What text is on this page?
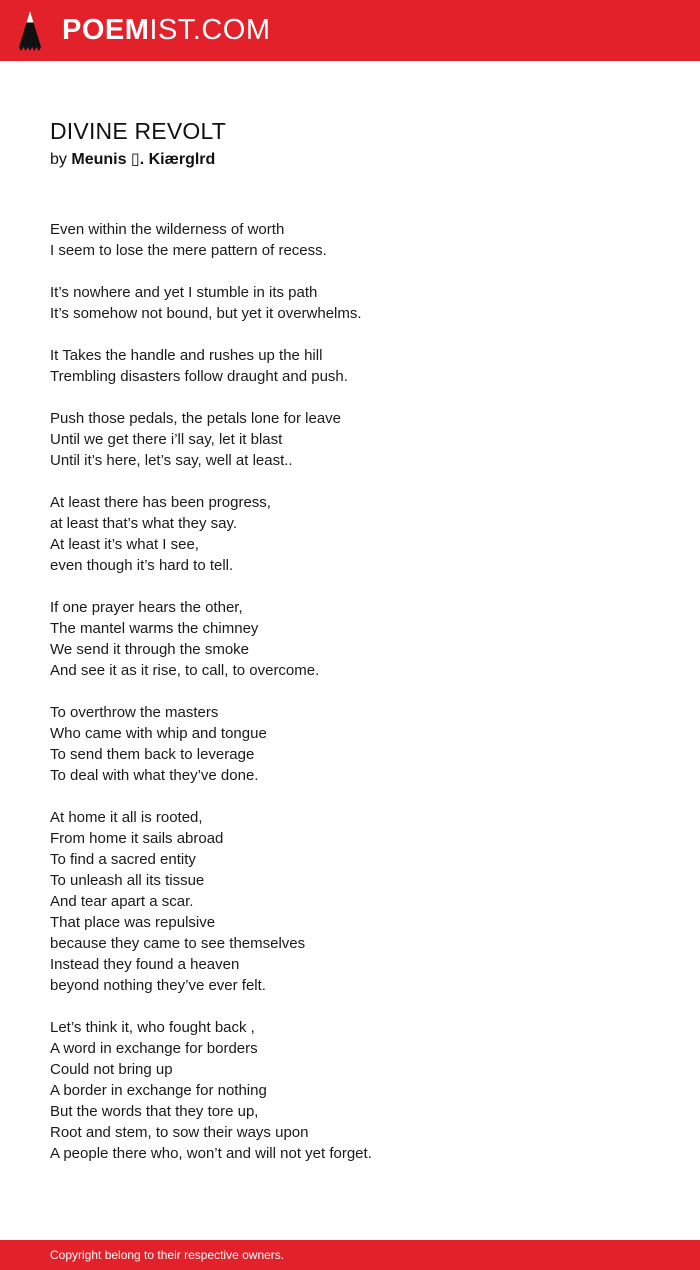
POEMIST.COM
DIVINE REVOLT
by Meunis ▯. Kiærglrd
Even within the wilderness of worth
I seem to lose the mere pattern of recess.
It’s nowhere and yet I stumble in its path
It’s somehow not bound, but yet it overwhelms.
It Takes the handle and rushes up the hill
Trembling disasters follow draught and push.
Push those pedals, the petals lone for leave
Until we get there i’ll say, let it blast
Until it’s here, let’s say, well at least..
At least there has been progress,
at least that’s what they say.
At least it’s what I see,
even though it’s hard to tell.
If one prayer hears the other,
The mantel warms the chimney
We send it through the smoke
And see it as it rise, to call, to overcome.
To overthrow the masters
Who came with whip and tongue
To send them back to leverage
To deal with what they’ve done.
At home it all is rooted,
From home it sails abroad
To find a sacred entity
To unleash all its tissue
And tear apart a scar.
That place was repulsive
because they came to see themselves
Instead they found a heaven
beyond nothing they’ve ever felt.
Let’s think it, who fought back ,
A word in exchange for borders
Could not bring up
A border in exchange for nothing
But the words that they tore up,
Root and stem, to sow their ways upon
A people there who, won’t and will not yet forget.
Copyright belong to their respective owners.
